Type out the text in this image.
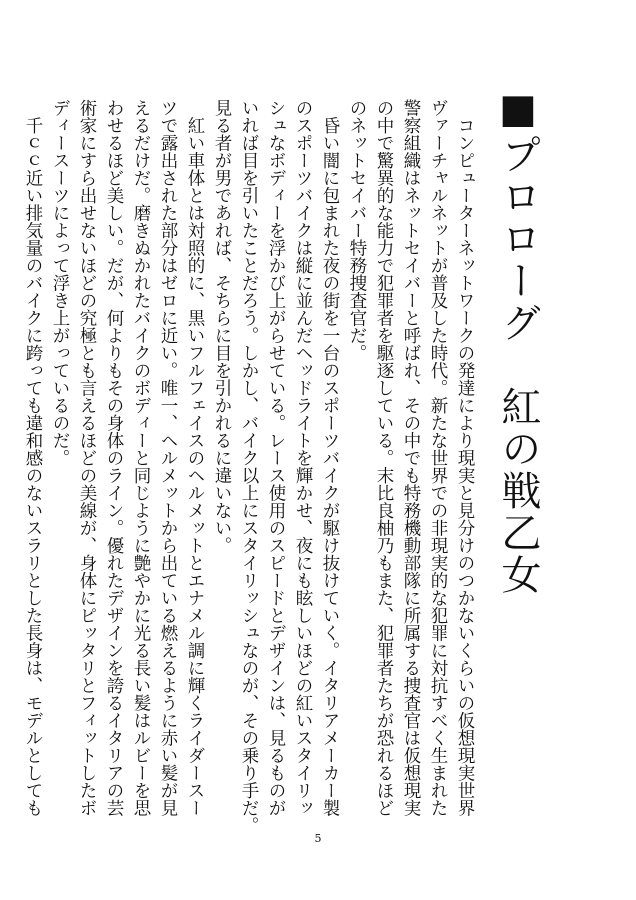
■プロローグ　紅の戦乙女

　コンピューターネットワークの発達により現実と見分けのつかないくらいの仮想現実世界
ヴァーチャルネットが普及した時代。新たな世界での非現実的な犯罪に対抗すべく生まれた
警察組織はネットセイバーと呼ばれ、その中でも特務機動部隊に所属する捜査官は仮想現実
の中で驚異的な能力で犯罪者を駆逐している。末比良柚乃もまた、犯罪者たちが恐れるほど
のネットセイバー特務捜査官だ。

　昏い闇に包まれた夜の街を一台のスポーツバイクが駆け抜けていく。イタリアメーカー製
のスポーツバイクは縦に並んだヘッドライトを輝かせ、夜にも眩しいほどの紅いスタイリッ
シュなボディーを浮かび上がらせている。レース使用のスピードとデザインは、見るものが
いれば目を引いたことだろう。しかし、バイク以上にスタイリッシュなのが、その乗り手だ。
見る者が男であれば、そちらに目を引かれるに違いない。

　紅い車体とは対照的に、黒いフルフェイスのヘルメットとエナメル調に輝くライダースー
ツで露出された部分はゼロに近い。唯一、ヘルメットから出ている燃えるように赤い髪が見
えるだけだ。磨きぬかれたバイクのボディーと同じように艶やかに光る長い髪はルビーを思
わせるほど美しい。だが、何よりもその身体のライン。優れたデザインを誇るイタリアの芸
術家にすら出せないほどの究極とも言えるほどの美線が、身体にピッタリとフィットしたボ
ディースーツによって浮き上がっているのだ。

　千ｃｃ近い排気量のバイクに跨っても違和感のないスラリとした長身は、モデルとしても

5
